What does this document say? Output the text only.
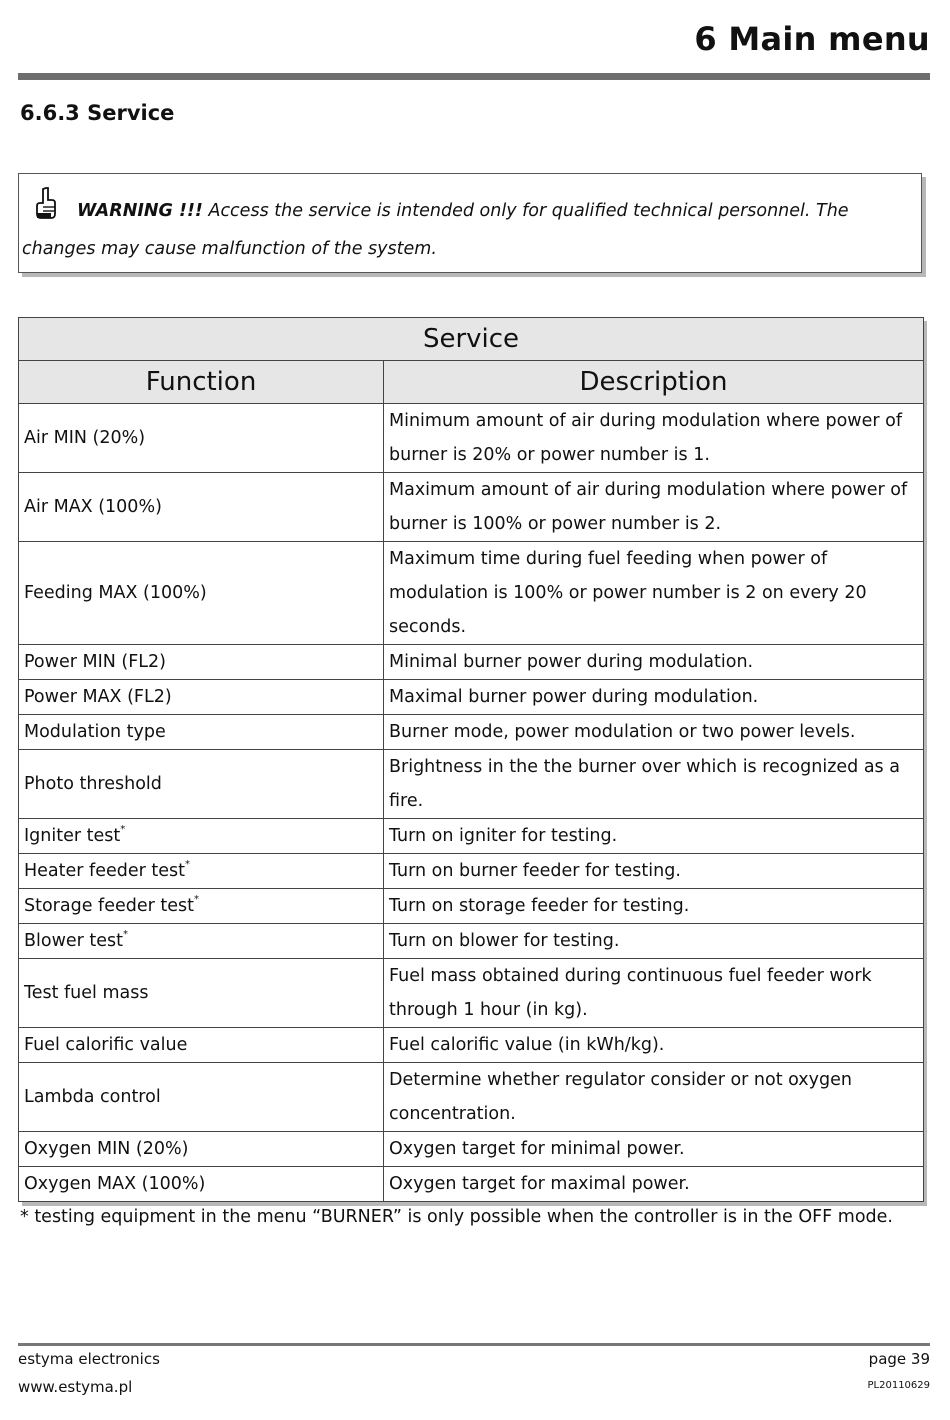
6 Main menu
6.6.3 Service

WARNING !!! Access the service is intended only for qualified technical personnel. The changes may cause malfunction of the system.

Service	
Function	Description
Air MIN (20%)	Minimum amount of air during modulation where power of burner is 20% or power number is 1.
Air MAX (100%)	Maximum amount of air during modulation where power of burner is 100% or power number is 2.
Feeding MAX (100%)	Maximum time during fuel feeding when power of modulation is 100% or power number is 2 on every 20 seconds.
Power MIN (FL2)	Minimal burner power during modulation.
Power MAX (FL2)	Maximal burner power during modulation.
Modulation type	Burner mode, power modulation or two power levels.
Photo threshold	Brightness in the the burner over which is recognized as a fire.
Igniter test*	Turn on igniter for testing.
Heater feeder test*	Turn on burner feeder for testing.
Storage feeder test*	Turn on storage feeder for testing.
Blower test*	Turn on blower for testing.
Test fuel mass	Fuel mass obtained during continuous fuel feeder work through 1 hour (in kg).
Fuel calorific value	Fuel calorific value (in kWh/kg).
Lambda control	Determine whether regulator consider or not oxygen concentration.
Oxygen MIN (20%)	Oxygen target for minimal power.
Oxygen MAX (100%)	Oxygen target for maximal power.

* testing equipment in the menu “BURNER” is only possible when the controller is in the OFF mode.

estyma electronics
www.estyma.pl
page 39
PL20110629
